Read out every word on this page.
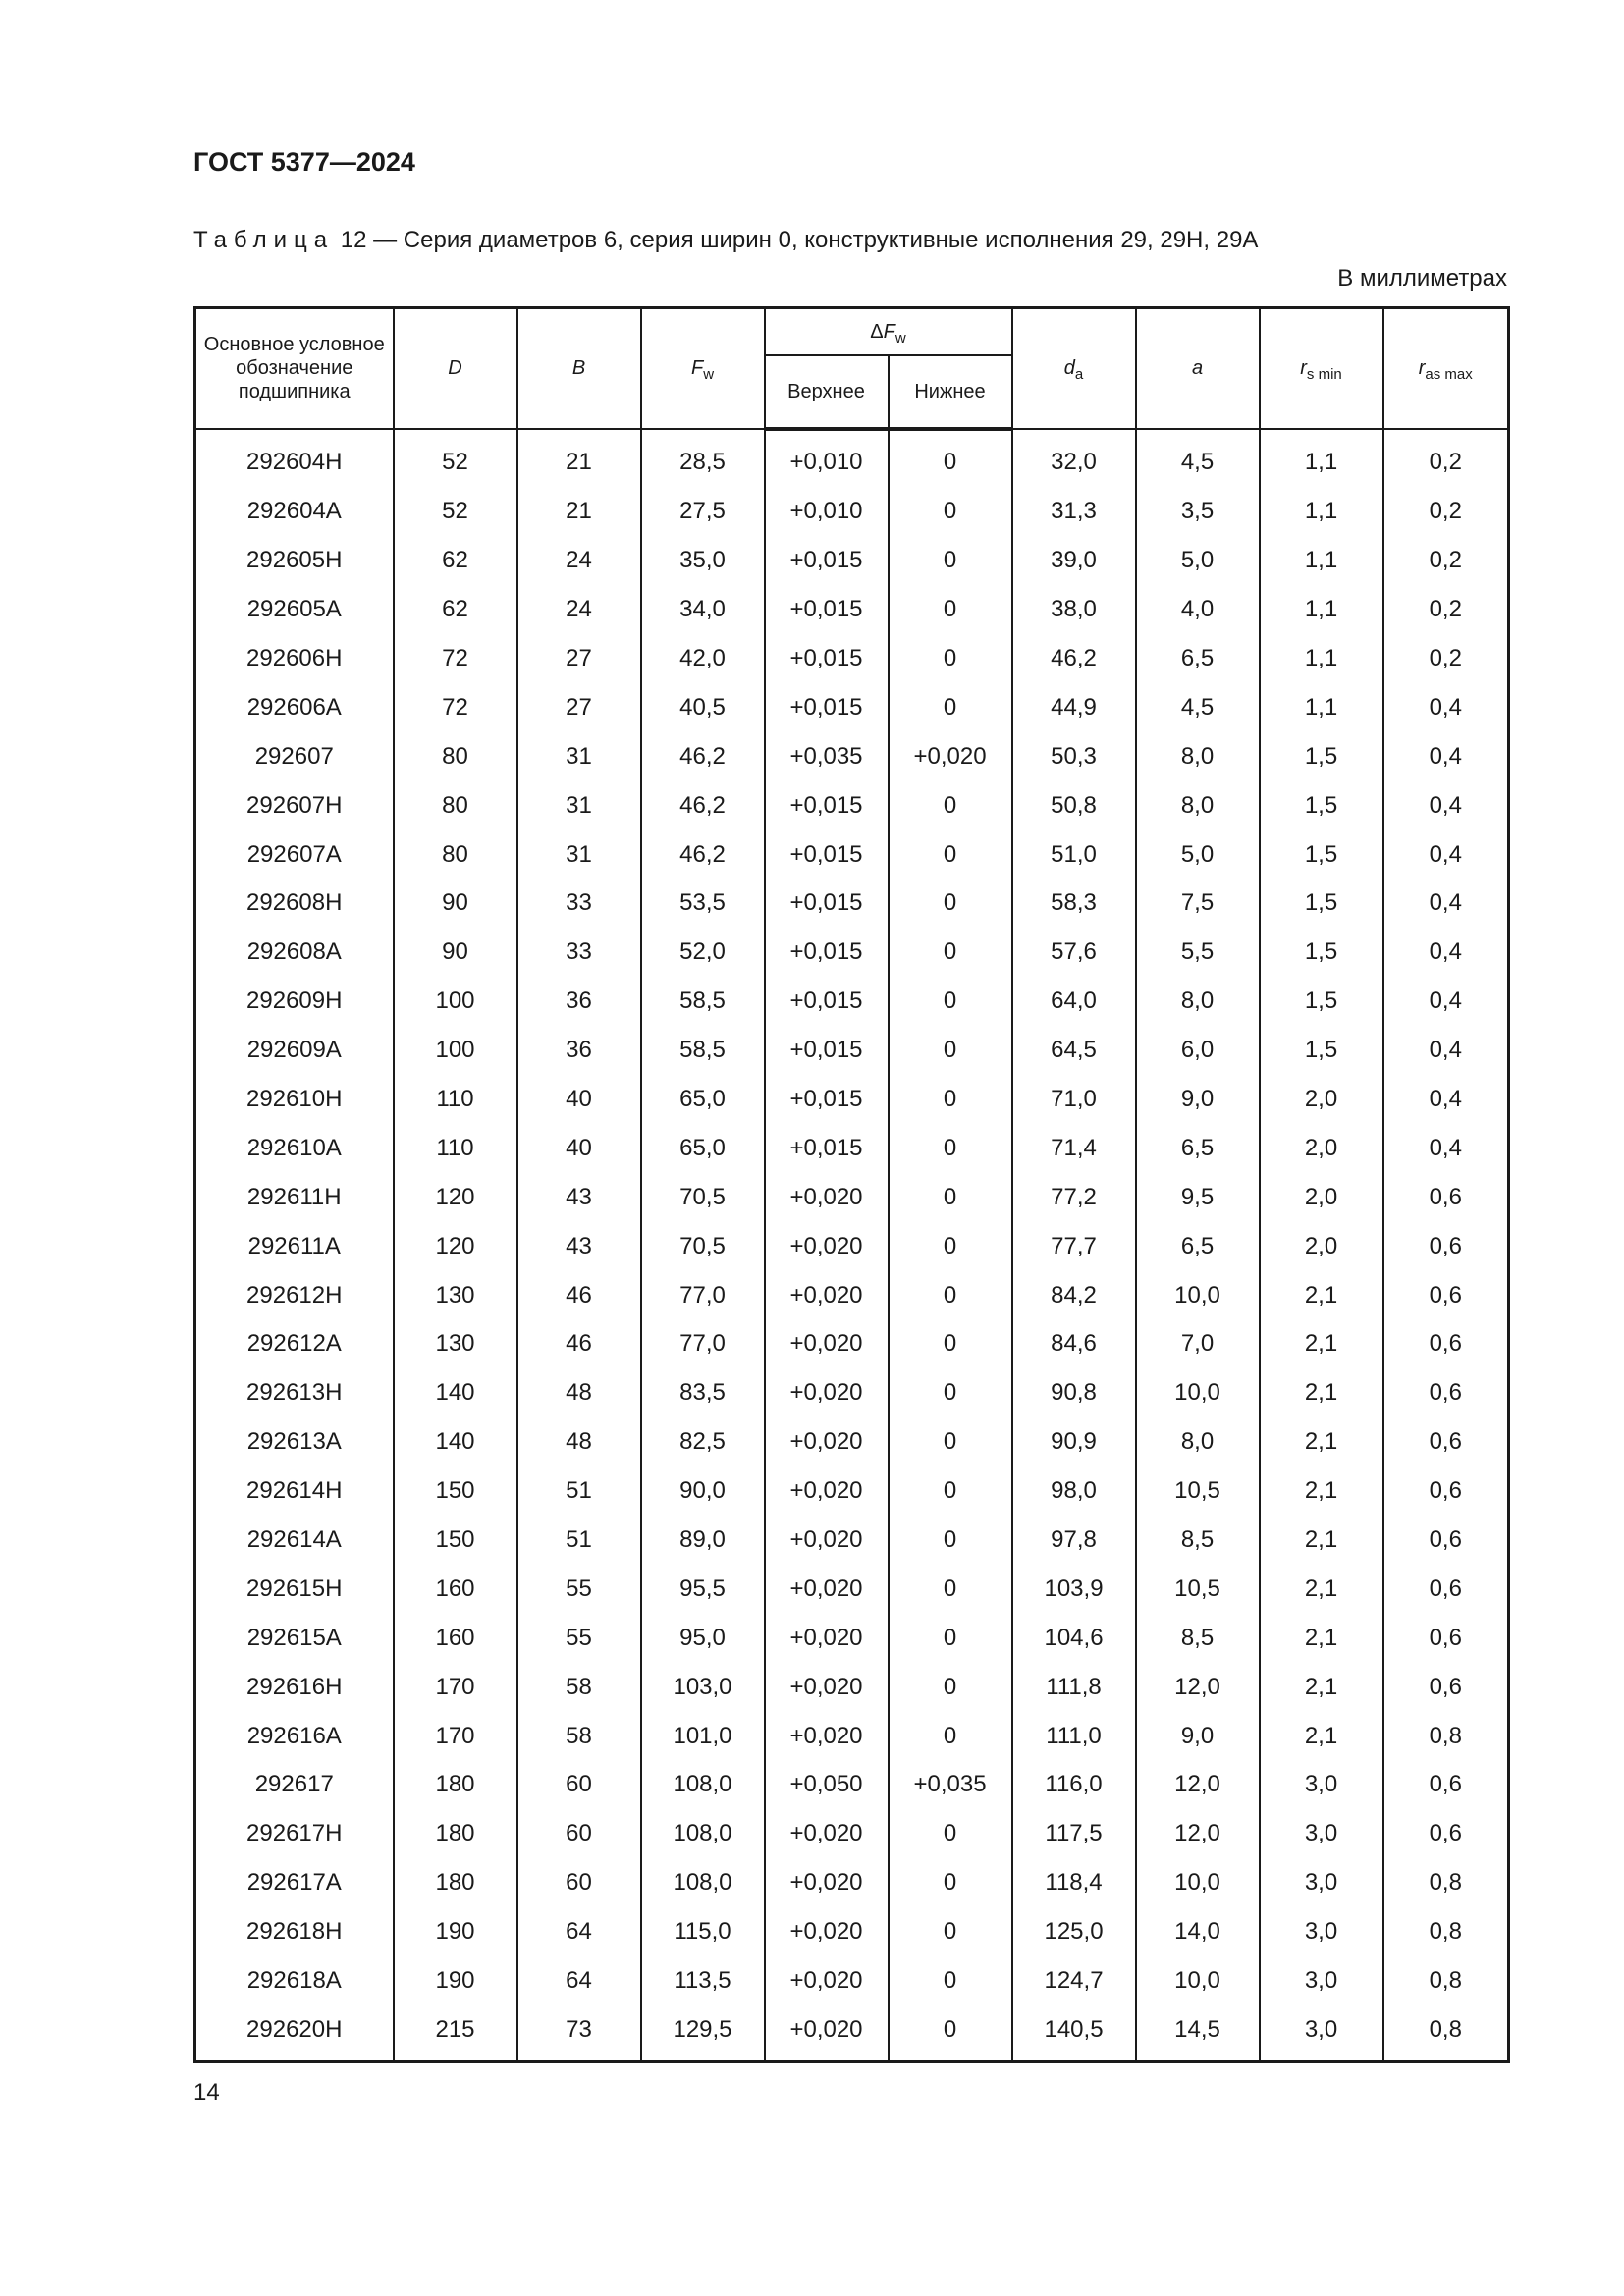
ГОСТ 5377—2024
Таблица 12 — Серия диаметров 6, серия ширин 0, конструктивные исполнения 29, 29Н, 29А
В миллиметрах
Основное условное обозначение подшипника	D	B	$F_w$	$\Delta F_w$		$d_a$	a	$r_{s min}$	$r_{as max}$
				Верхнее	Нижнее				
292604Н	52	21	28,5	+0,010	0	32,0	4,5	1,1	0,2
292604А	52	21	27,5	+0,010	0	31,3	3,5	1,1	0,2
292605Н	62	24	35,0	+0,015	0	39,0	5,0	1,1	0,2
292605А	62	24	34,0	+0,015	0	38,0	4,0	1,1	0,2
292606Н	72	27	42,0	+0,015	0	46,2	6,5	1,1	0,2
292606А	72	27	40,5	+0,015	0	44,9	4,5	1,1	0,4
292607	80	31	46,2	+0,035	+0,020	50,3	8,0	1,5	0,4
292607Н	80	31	46,2	+0,015	0	50,8	8,0	1,5	0,4
292607А	80	31	46,2	+0,015	0	51,0	5,0	1,5	0,4
292608Н	90	33	53,5	+0,015	0	58,3	7,5	1,5	0,4
292608А	90	33	52,0	+0,015	0	57,6	5,5	1,5	0,4
292609Н	100	36	58,5	+0,015	0	64,0	8,0	1,5	0,4
292609А	100	36	58,5	+0,015	0	64,5	6,0	1,5	0,4
292610Н	110	40	65,0	+0,015	0	71,0	9,0	2,0	0,4
292610А	110	40	65,0	+0,015	0	71,4	6,5	2,0	0,4
292611Н	120	43	70,5	+0,020	0	77,2	9,5	2,0	0,6
292611А	120	43	70,5	+0,020	0	77,7	6,5	2,0	0,6
292612Н	130	46	77,0	+0,020	0	84,2	10,0	2,1	0,6
292612А	130	46	77,0	+0,020	0	84,6	7,0	2,1	0,6
292613Н	140	48	83,5	+0,020	0	90,8	10,0	2,1	0,6
292613А	140	48	82,5	+0,020	0	90,9	8,0	2,1	0,6
292614Н	150	51	90,0	+0,020	0	98,0	10,5	2,1	0,6
292614А	150	51	89,0	+0,020	0	97,8	8,5	2,1	0,6
292615Н	160	55	95,5	+0,020	0	103,9	10,5	2,1	0,6
292615А	160	55	95,0	+0,020	0	104,6	8,5	2,1	0,6
292616Н	170	58	103,0	+0,020	0	111,8	12,0	2,1	0,6
292616А	170	58	101,0	+0,020	0	111,0	9,0	2,1	0,8
292617	180	60	108,0	+0,050	+0,035	116,0	12,0	3,0	0,6
292617Н	180	60	108,0	+0,020	0	117,5	12,0	3,0	0,6
292617А	180	60	108,0	+0,020	0	118,4	10,0	3,0	0,8
292618Н	190	64	115,0	+0,020	0	125,0	14,0	3,0	0,8
292618А	190	64	113,5	+0,020	0	124,7	10,0	3,0	0,8
292620Н	215	73	129,5	+0,020	0	140,5	14,5	3,0	0,8
14
